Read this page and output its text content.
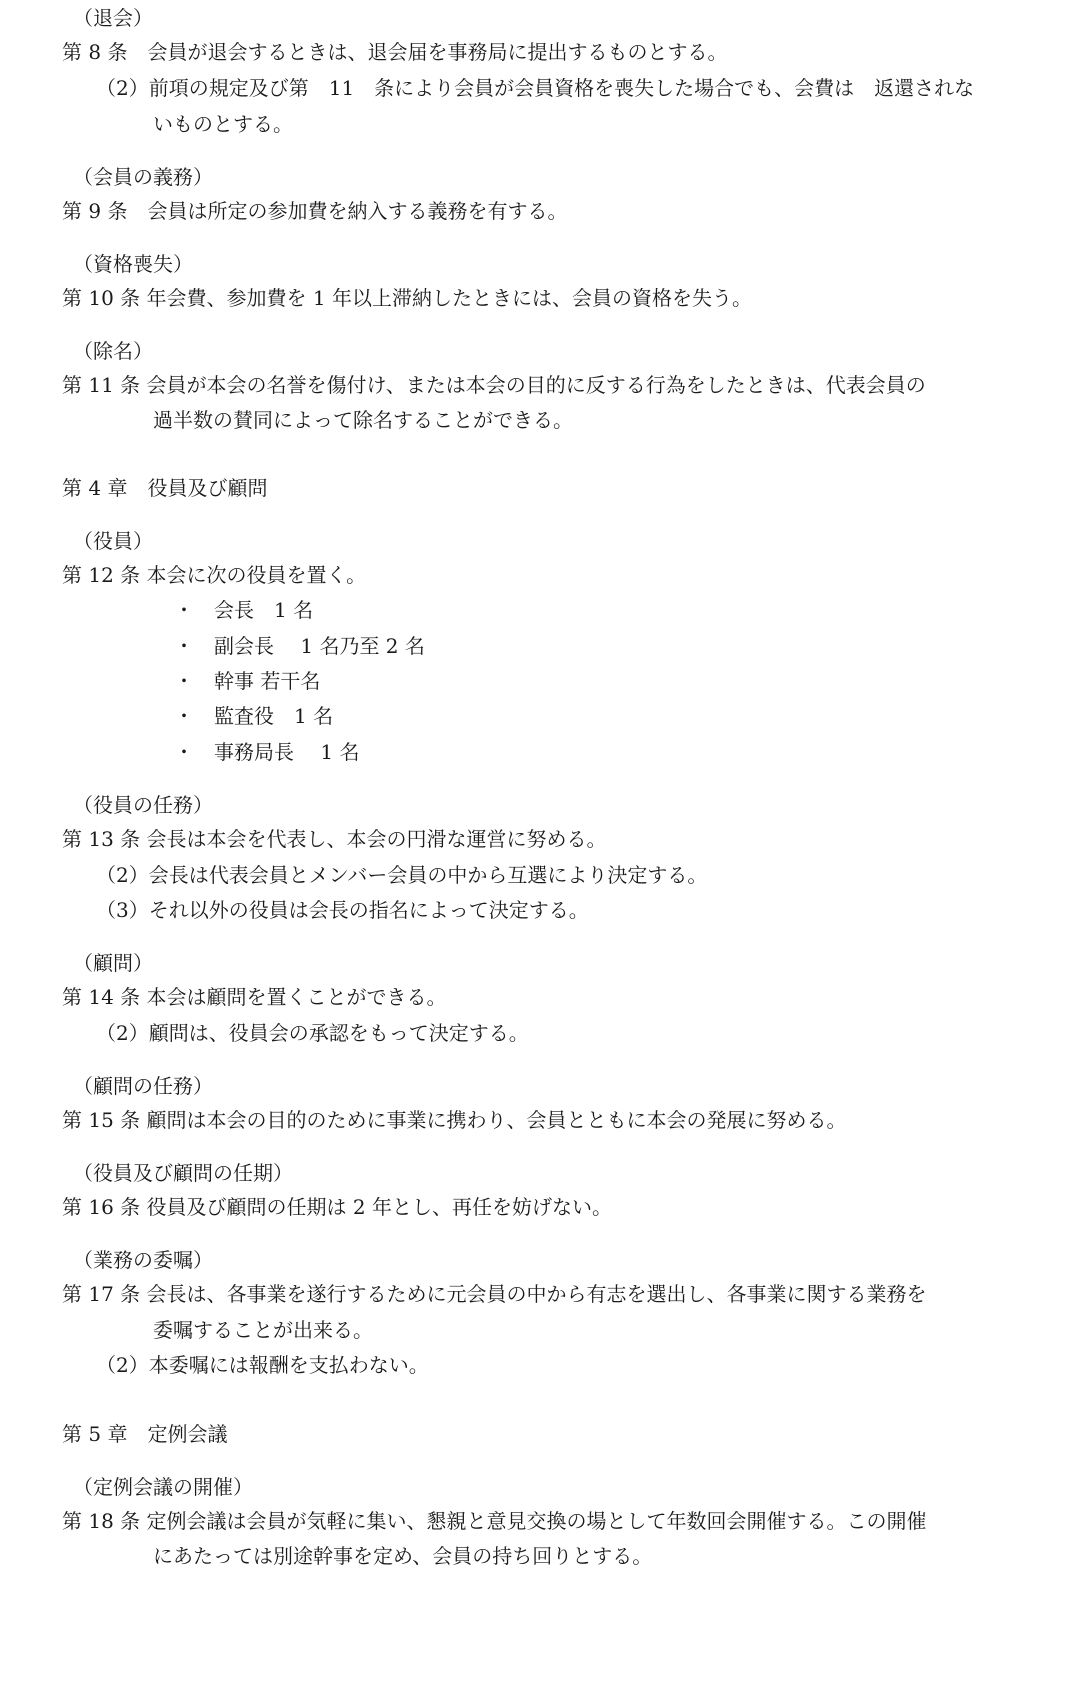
（退会）
第 8 条　会員が退会するときは、退会届を事務局に提出するものとする。
（2）前項の規定及び第　11　条により会員が会員資格を喪失した場合でも、会費は　返還されな
いものとする。
（会員の義務）
第 9 条　会員は所定の参加費を納入する義務を有する。
（資格喪失）
第 10 条 年会費、参加費を 1 年以上滞納したときには、会員の資格を失う。
（除名）
第 11 条 会員が本会の名誉を傷付け、または本会の目的に反する行為をしたときは、代表会員の
過半数の賛同によって除名することができる。
第 4 章　役員及び顧問
（役員）
第 12 条 本会に次の役員を置く。
・　会長　1 名
・　副会長　 1 名乃至 2 名
・　幹事 若干名
・　監査役　1 名
・　事務局長　 1 名
（役員の任務）
第 13 条 会長は本会を代表し、本会の円滑な運営に努める。
（2）会長は代表会員とメンバー会員の中から互選により決定する。
（3）それ以外の役員は会長の指名によって決定する。
（顧問）
第 14 条 本会は顧問を置くことができる。
（2）顧問は、役員会の承認をもって決定する。
（顧問の任務）
第 15 条 顧問は本会の目的のために事業に携わり、会員とともに本会の発展に努める。
（役員及び顧問の任期）
第 16 条 役員及び顧問の任期は 2 年とし、再任を妨げない。
（業務の委嘱）
第 17 条 会長は、各事業を遂行するために元会員の中から有志を選出し、各事業に関する業務を
委嘱することが出来る。
（2）本委嘱には報酬を支払わない。
第 5 章　定例会議
（定例会議の開催）
第 18 条 定例会議は会員が気軽に集い、懇親と意見交換の場として年数回会開催する。この開催
にあたっては別途幹事を定め、会員の持ち回りとする。
